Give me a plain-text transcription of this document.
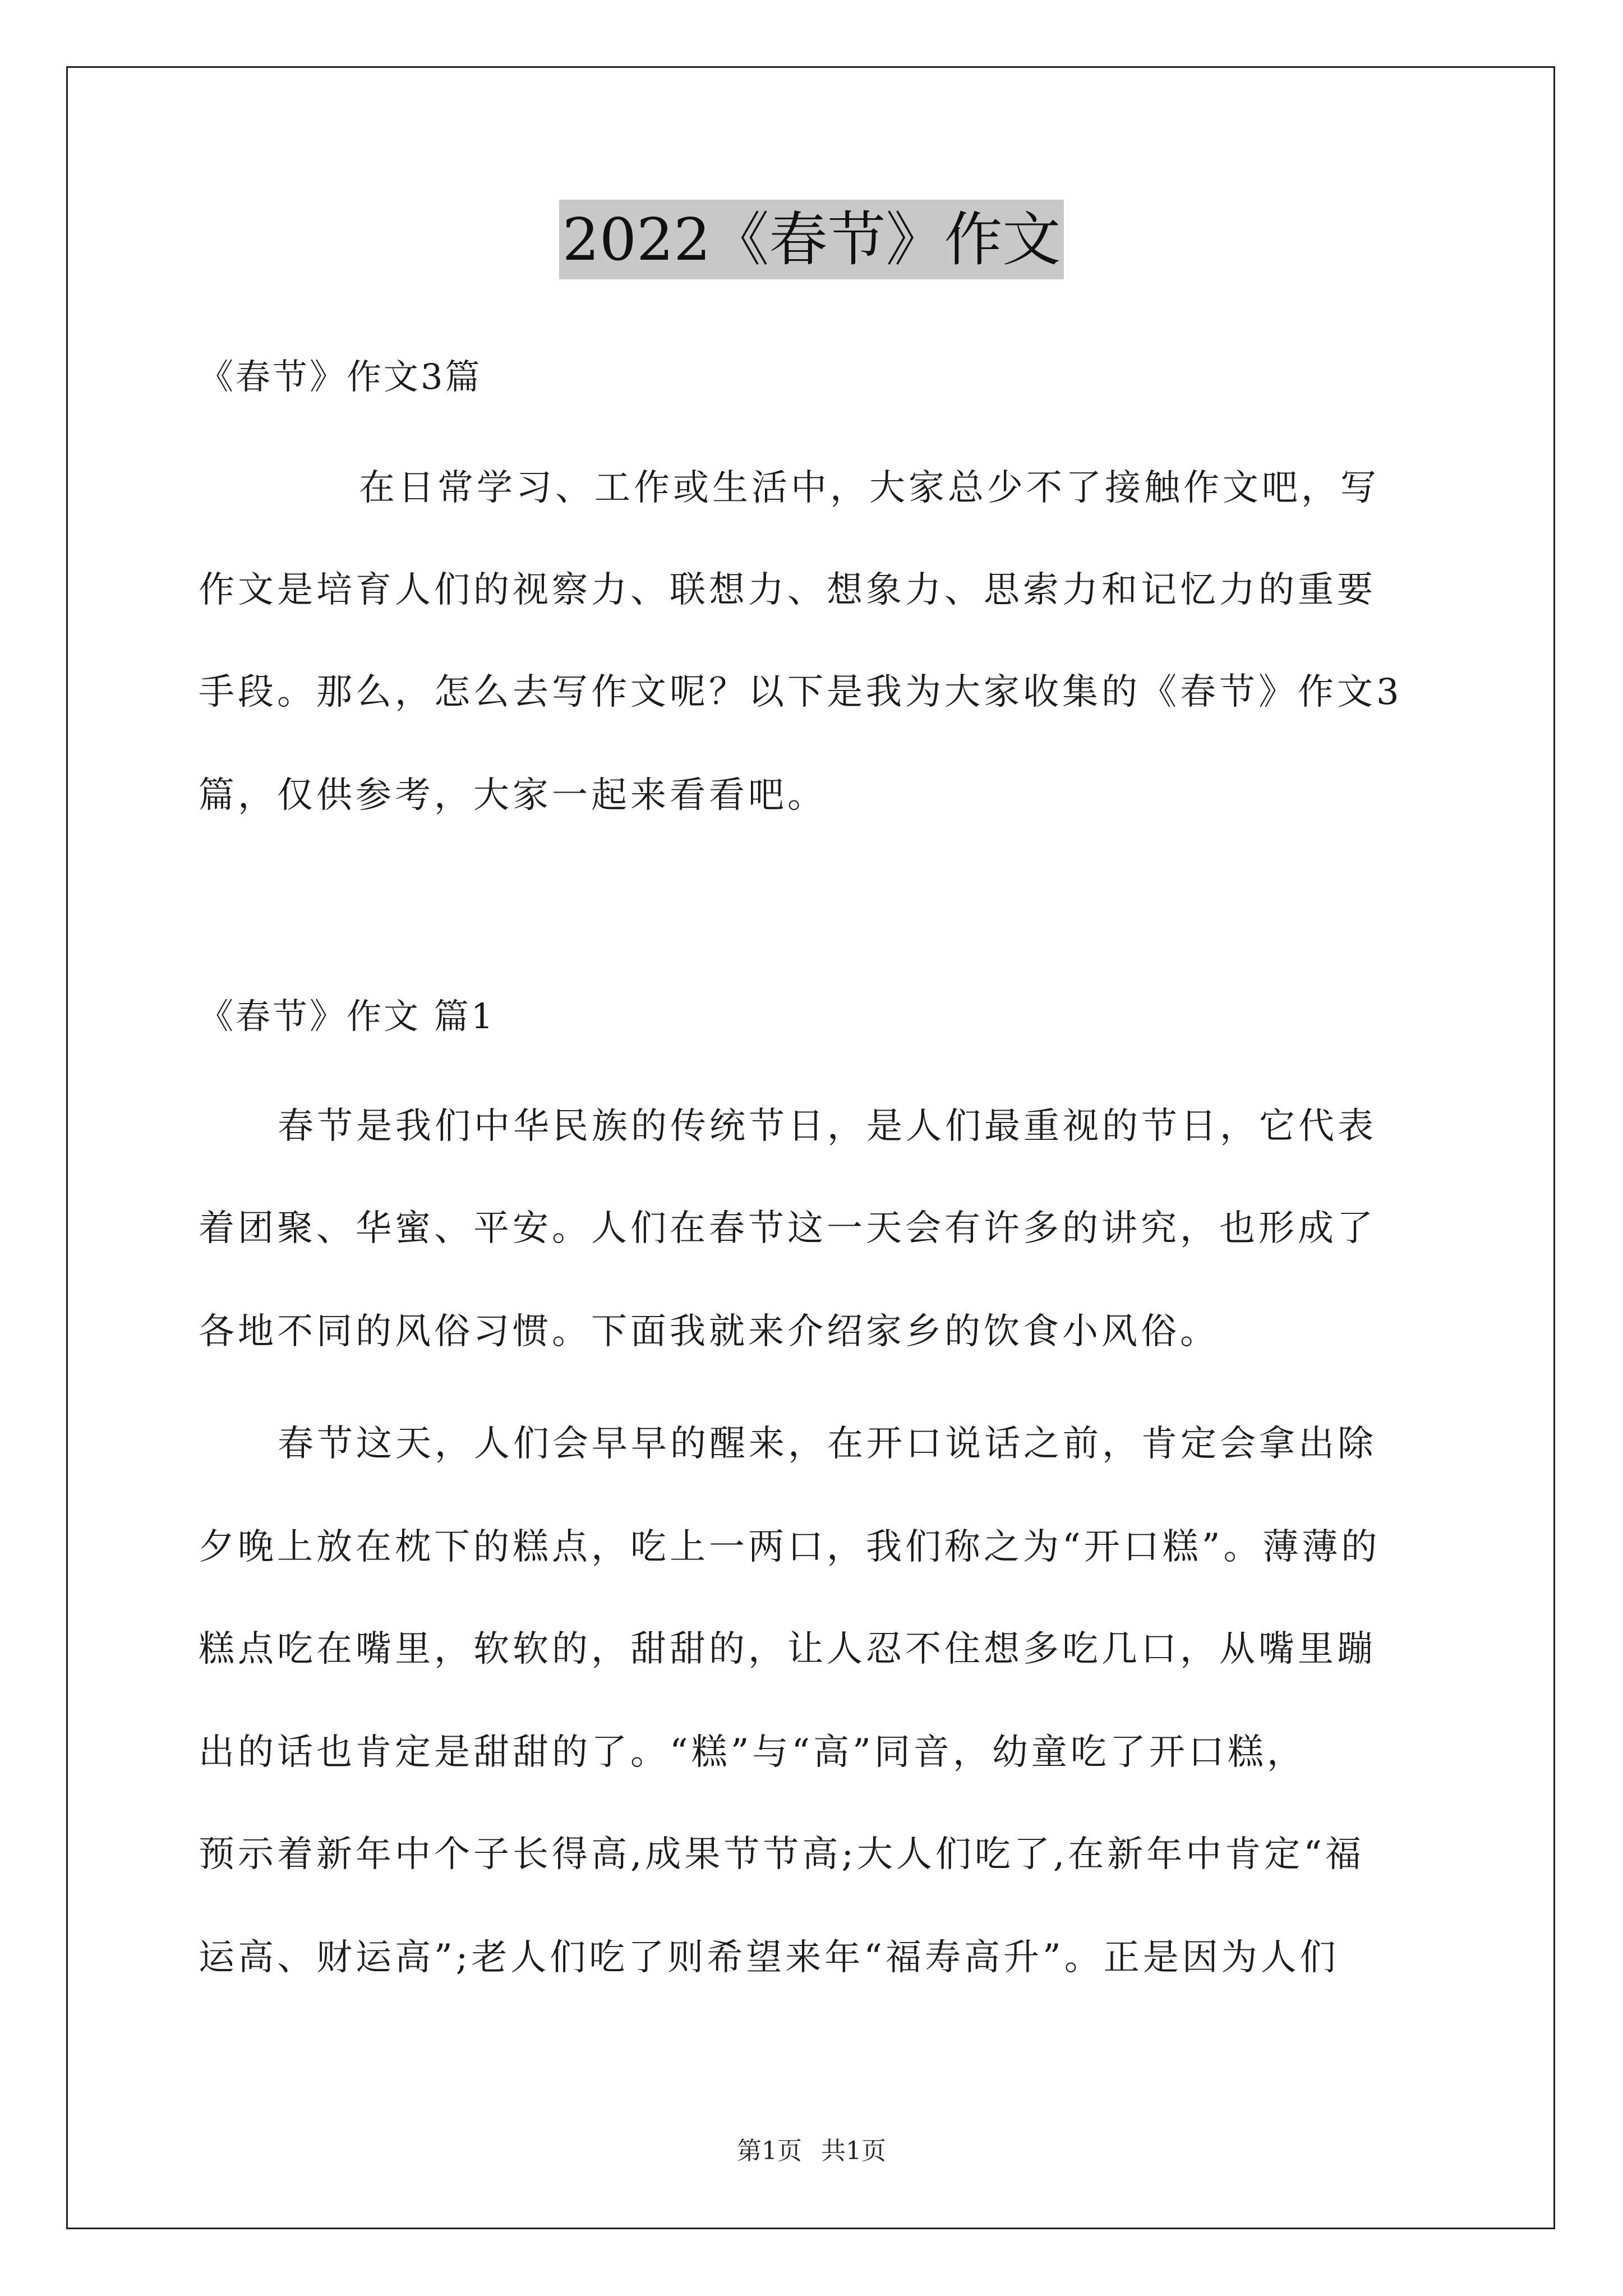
2022《春节》作文
《春节》作文3篇
在日常学习、工作或生活中，大家总少不了接触作文吧，写
作文是培育人们的视察力、联想力、想象力、思索力和记忆力的重要
手段。那么，怎么去写作文呢？以下是我为大家收集的《春节》作文3
篇，仅供参考，大家一起来看看吧。
《春节》作文 篇1
春节是我们中华民族的传统节日，是人们最重视的节日，它代表
着团聚、华蜜、平安。人们在春节这一天会有许多的讲究，也形成了
各地不同的风俗习惯。下面我就来介绍家乡的饮食小风俗。
春节这天，人们会早早的醒来，在开口说话之前，肯定会拿出除
夕晚上放在枕下的糕点，吃上一两口，我们称之为“开口糕”。薄薄的
糕点吃在嘴里，软软的，甜甜的，让人忍不住想多吃几口，从嘴里蹦
出的话也肯定是甜甜的了。“糕”与“高”同音，幼童吃了开口糕，
预示着新年中个子长得高,成果节节高;大人们吃了,在新年中肯定“福
运高、财运高”;老人们吃了则希望来年“福寿高升”。正是因为人们
第1页 共1页
